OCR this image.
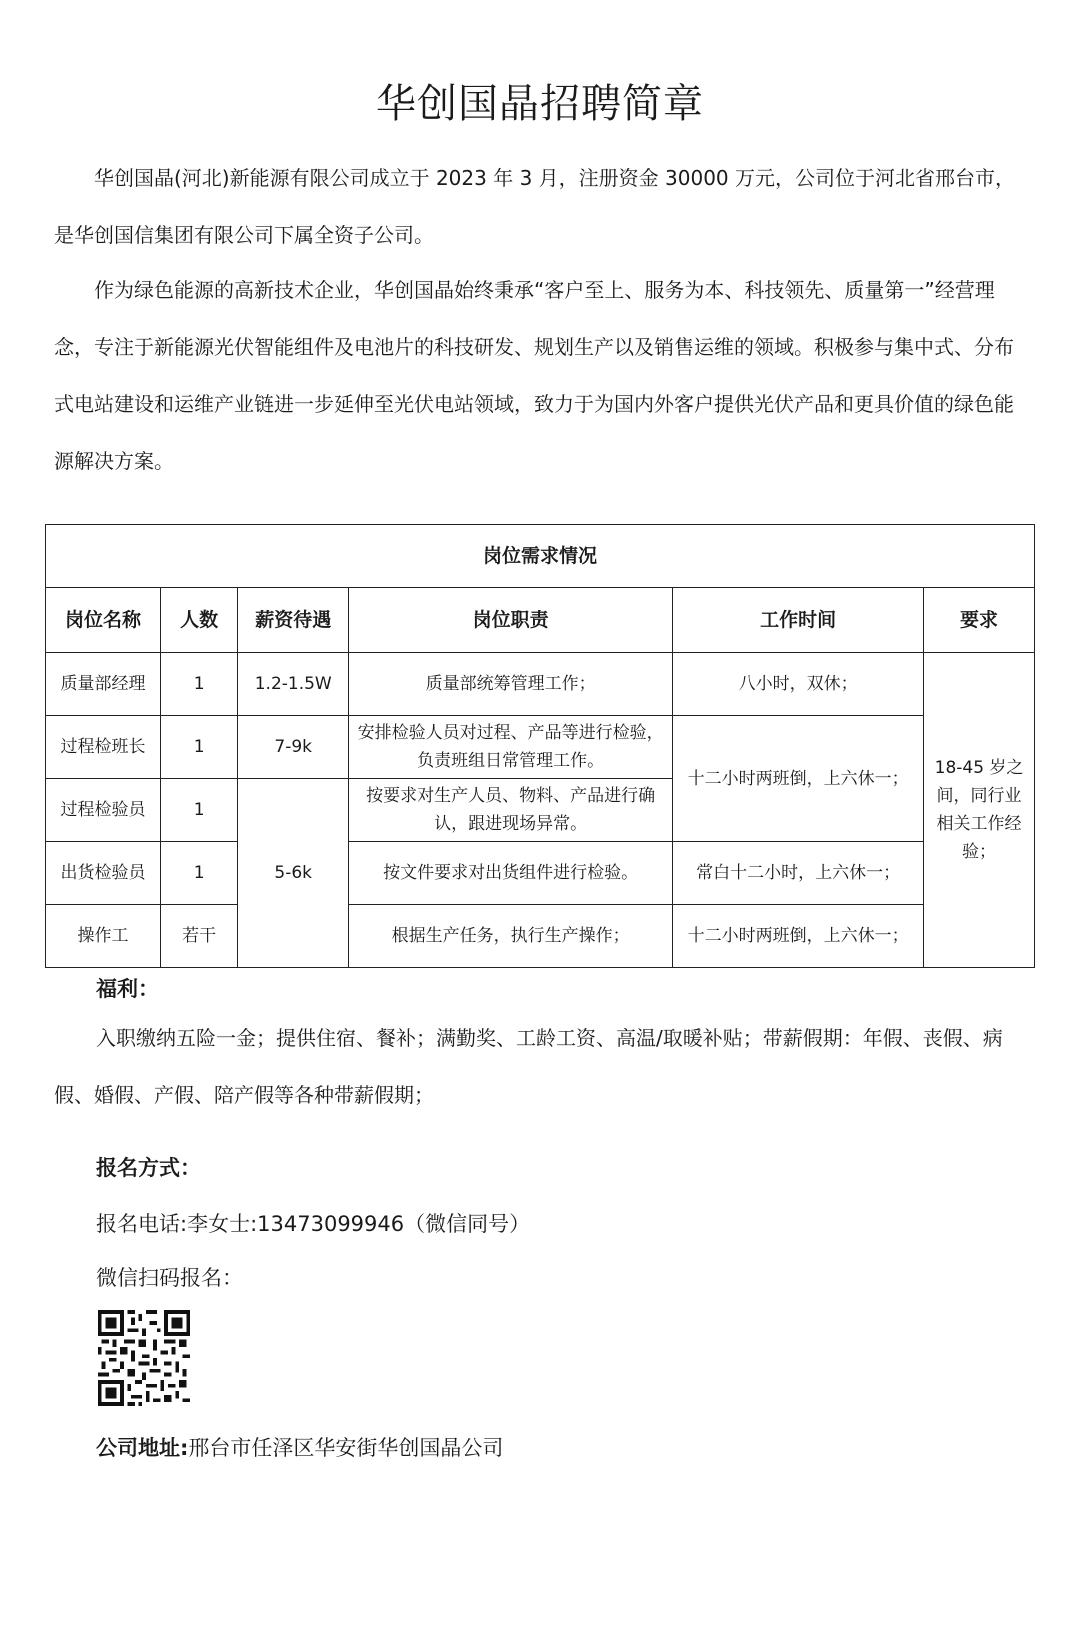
华创国晶招聘简章

华创国晶(河北)新能源有限公司成立于 2023 年 3 月，注册资金 30000 万元，公司位于河北省邢台市，是华创国信集团有限公司下属全资子公司。

作为绿色能源的高新技术企业，华创国晶始终秉承“客户至上、服务为本、科技领先、质量第一”经营理念，专注于新能源光伏智能组件及电池片的科技研发、规划生产以及销售运维的领域。积极参与集中式、分布式电站建设和运维产业链进一步延伸至光伏电站领域，致力于为国内外客户提供光伏产品和更具价值的绿色能源解决方案。

岗位需求情况					
岗位名称	人数	薪资待遇	岗位职责	工作时间	要求
质量部经理	1	1.2-1.5W	质量部统筹管理工作；	八小时，双休；	18-45 岁之间，同行业相关工作经验；
过程检班长	1	7-9k	安排检验人员对过程、产品等进行检验，负责班组日常管理工作。	十二小时两班倒，上六休一；	
过程检验员	1	5-6k	按要求对生产人员、物料、产品进行确认，跟进现场异常。		
出货检验员	1		按文件要求对出货组件进行检验。	常白十二小时，上六休一；	
操作工	若干		根据生产任务，执行生产操作；	十二小时两班倒，上六休一；	
福利：

入职缴纳五险一金；提供住宿、餐补；满勤奖、工龄工资、高温/取暖补贴；带薪假期：年假、丧假、病假、婚假、产假、陪产假等各种带薪假期；

报名方式：
报名电话:李女士:13473099946（微信同号）
微信扫码报名：
公司地址:邢台市任泽区华安街华创国晶公司
